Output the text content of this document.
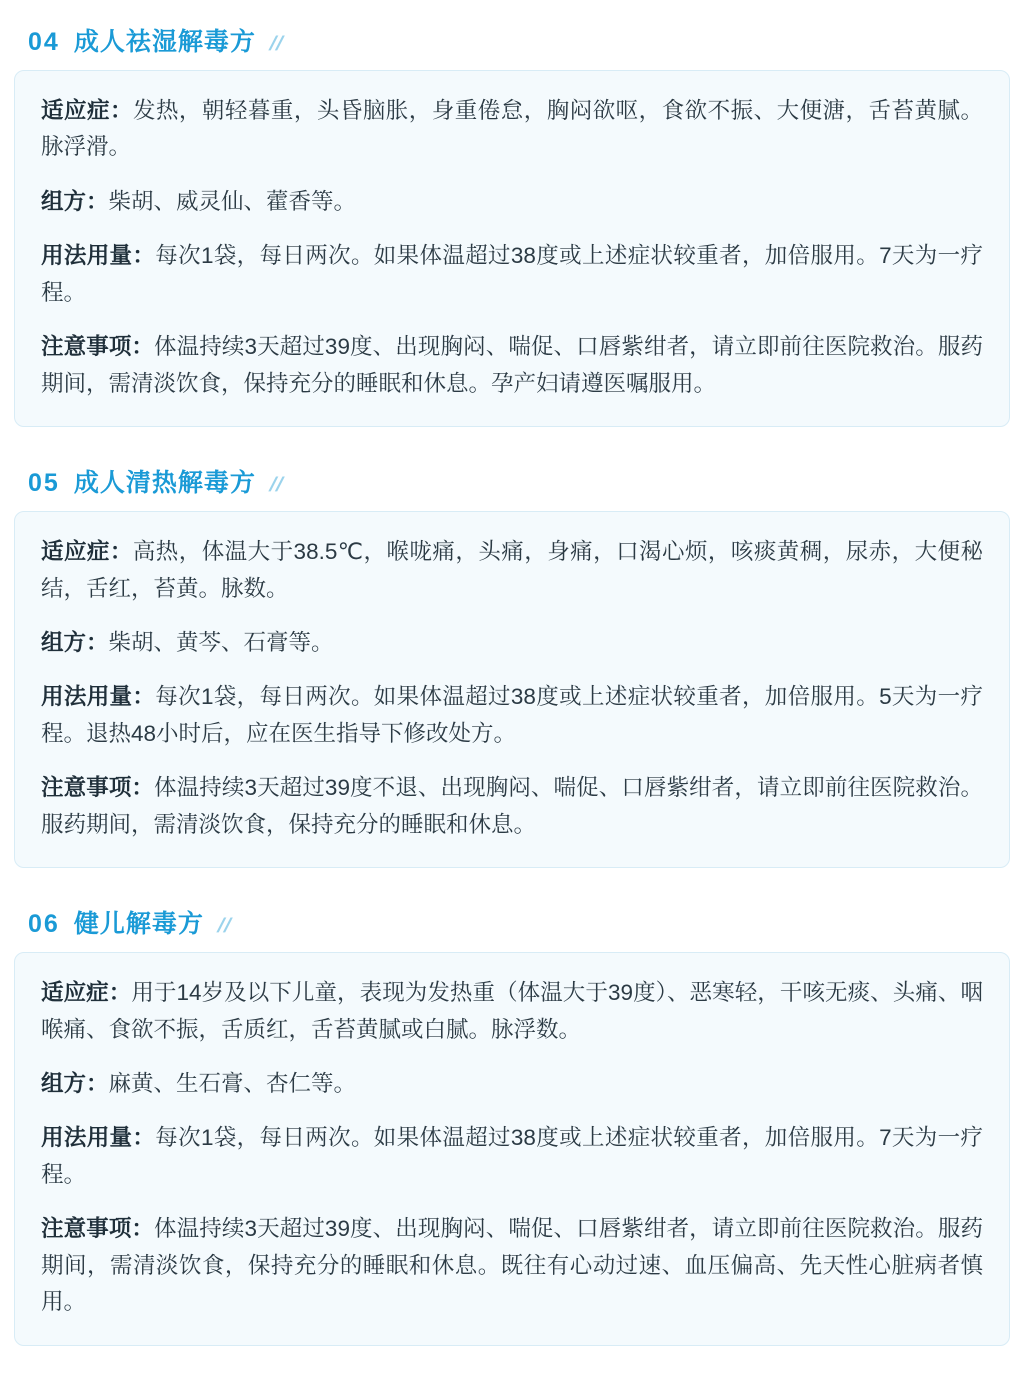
04 成人祛湿解毒方 //

适应症：发热，朝轻暮重，头昏脑胀，身重倦怠，胸闷欲呕，食欲不振、大便溏，舌苔黄腻。脉浮滑。

组方：柴胡、威灵仙、藿香等。

用法用量：每次1袋，每日两次。如果体温超过38度或上述症状较重者，加倍服用。7天为一疗程。

注意事项：体温持续3天超过39度、出现胸闷、喘促、口唇紫绀者，请立即前往医院救治。服药期间，需清淡饮食，保持充分的睡眠和休息。孕产妇请遵医嘱服用。

05 成人清热解毒方 //

适应症：高热，体温大于38.5℃，喉咙痛，头痛，身痛，口渴心烦，咳痰黄稠，尿赤，大便秘结，舌红，苔黄。脉数。

组方：柴胡、黄芩、石膏等。

用法用量：每次1袋，每日两次。如果体温超过38度或上述症状较重者，加倍服用。5天为一疗程。退热48小时后，应在医生指导下修改处方。

注意事项：体温持续3天超过39度不退、出现胸闷、喘促、口唇紫绀者，请立即前往医院救治。服药期间，需清淡饮食，保持充分的睡眠和休息。

06 健儿解毒方 //

适应症：用于14岁及以下儿童，表现为发热重（体温大于39度）、恶寒轻，干咳无痰、头痛、咽喉痛、食欲不振，舌质红，舌苔黄腻或白腻。脉浮数。

组方：麻黄、生石膏、杏仁等。

用法用量：每次1袋，每日两次。如果体温超过38度或上述症状较重者，加倍服用。7天为一疗程。

注意事项：体温持续3天超过39度、出现胸闷、喘促、口唇紫绀者，请立即前往医院救治。服药期间，需清淡饮食，保持充分的睡眠和休息。既往有心动过速、血压偏高、先天性心脏病者慎用。
